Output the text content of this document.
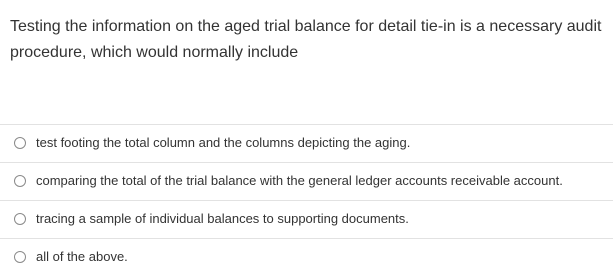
Testing the information on the aged trial balance for detail tie-in is a necessary audit procedure, which would normally include
test footing the total column and the columns depicting the aging.
comparing the total of the trial balance with the general ledger accounts receivable account.
tracing a sample of individual balances to supporting documents.
all of the above.
